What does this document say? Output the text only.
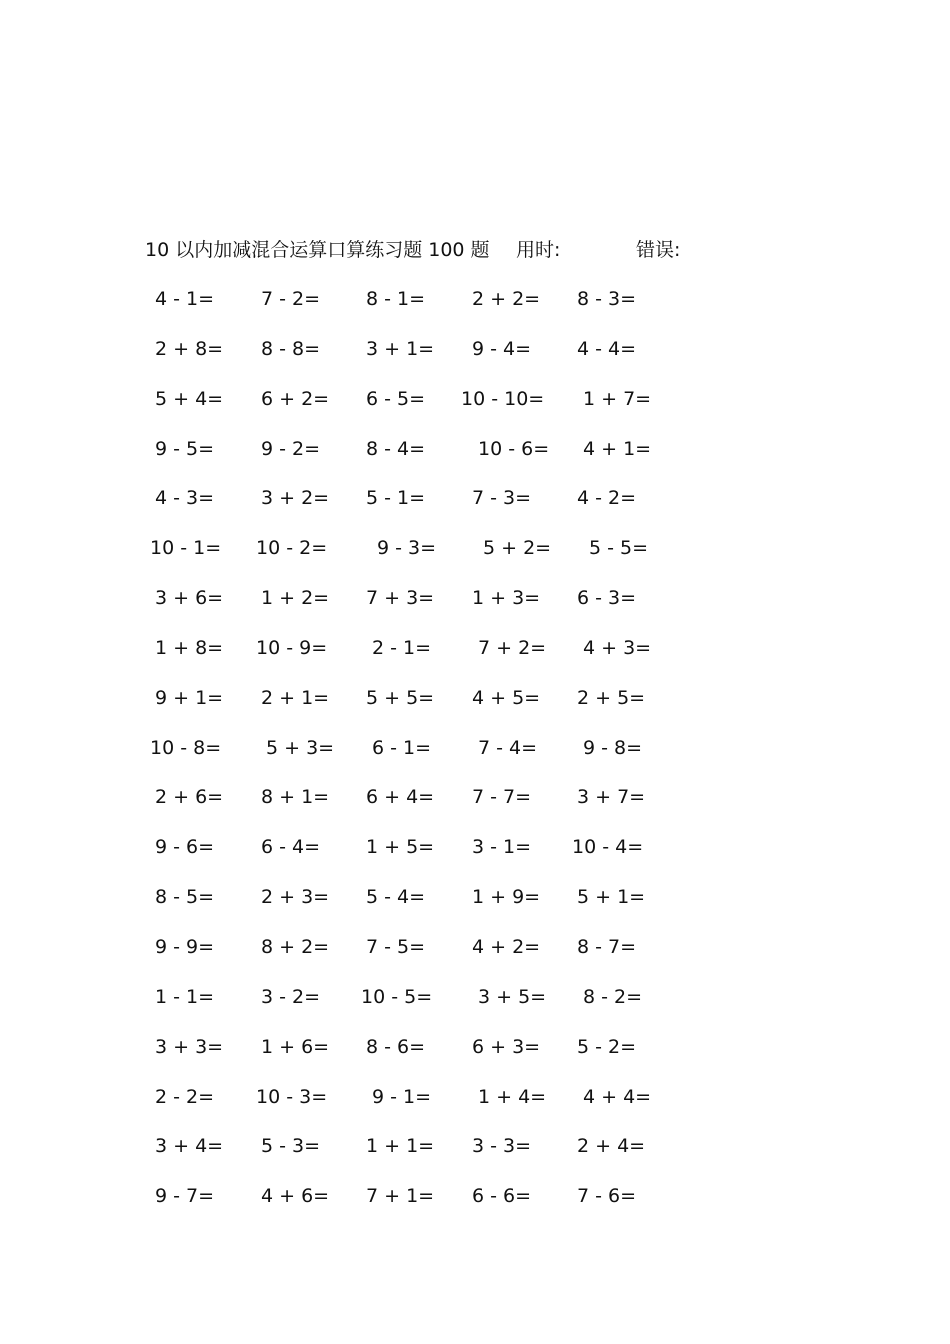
10 以内加减混合运算口算练习题 100 题 用时:	错误:
4 - 1= 7 - 2= 8 - 1= 2 + 2= 8 - 3=
2 + 8= 8 - 8= 3 + 1= 9 - 4= 4 - 4=
5 + 4= 6 + 2= 6 - 5= 10 - 10= 1 + 7=
9 - 5= 9 - 2= 8 - 4=	10 - 6= 4 + 1=
4 - 3= 3 + 2= 5 - 1= 7 - 3= 4 - 2=
10 - 1= 10 - 2=	9 - 3= 5 + 2= 5 - 5=
3 + 6= 1 + 2= 7 + 3= 1 + 3= 6 - 3=
1 + 8= 10 - 9= 2 - 1= 7 + 2= 4 + 3=
9 + 1= 2 + 1= 5 + 5= 4 + 5= 2 + 5=
10 - 8= 5 + 3= 6 - 1= 7 - 4= 9 - 8=
2 + 6= 8 + 1= 6 + 4= 7 - 7= 3 + 7=
9 - 6= 6 - 4= 1 + 5= 3 - 1= 10 - 4=
8 - 5= 2 + 3= 5 - 4= 1 + 9= 5 + 1=
9 - 9= 8 + 2= 7 - 5= 4 + 2= 8 - 7=
1 - 1= 3 - 2= 10 - 5= 3 + 5= 8 - 2=
3 + 3= 1 + 6= 8 - 6= 6 + 3= 5 - 2=
2 - 2= 10 - 3= 9 - 1= 1 + 4= 4 + 4=
3 + 4= 5 - 3= 1 + 1= 3 - 3= 2 + 4=
9 - 7= 4 + 6= 7 + 1= 6 - 6= 7 - 6=
